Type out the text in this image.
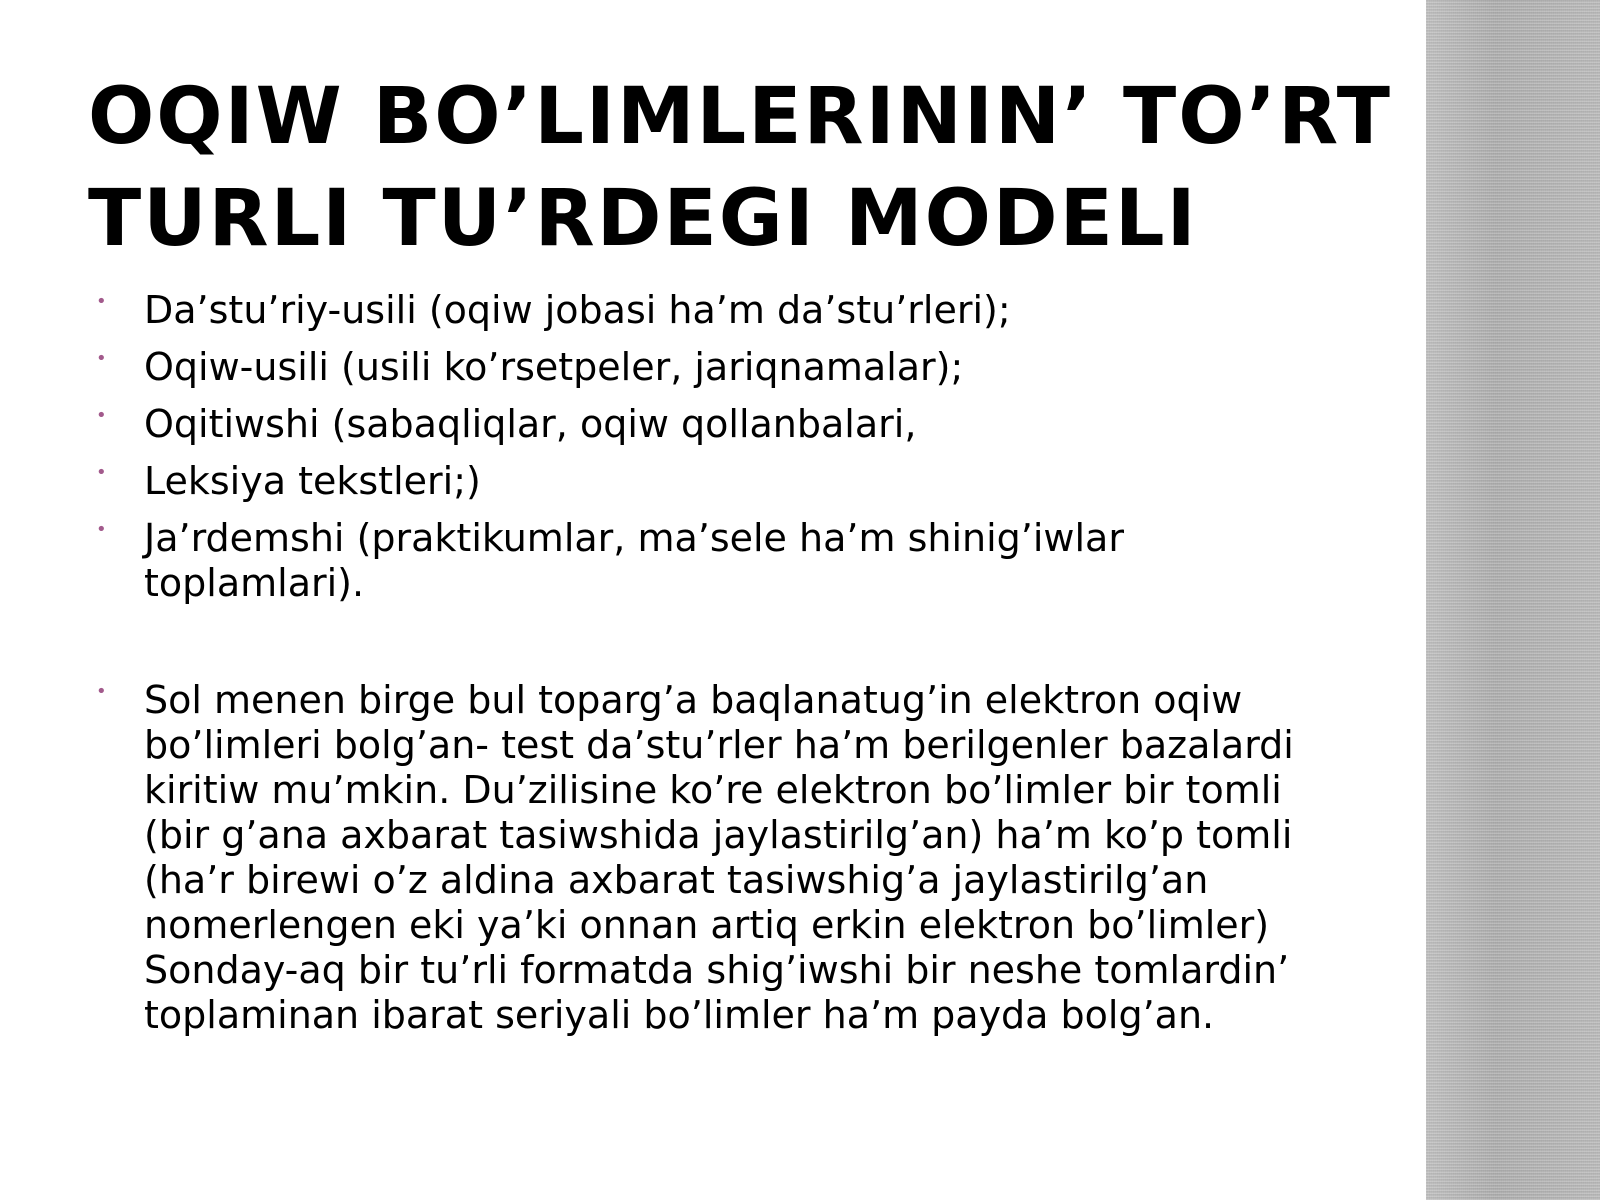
OQIW BO’LIMLERININ’ TO’RT
TURLI TU’RDEGI MODELI
• Da’stu’riy-usili (oqiw jobasi ha’m da’stu’rleri);
• Oqiw-usili (usili ko’rsetpeler, jariqnamalar);
• Oqitiwshi (sabaqliqlar, oqiw qollanbalari,
• Leksiya tekstleri;)
• Ja’rdemshi (praktikumlar, ma’sele ha’m shinig’iwlar
toplamlari).
• Sol menen birge bul toparg’a baqlanatug’in elektron oqiw
bo’limleri bolg’an- test da’stu’rler ha’m berilgenler bazalardi
kiritiw mu’mkin. Du’zilisine ko’re elektron bo’limler bir tomli
(bir g’ana axbarat tasiwshida jaylastirilg’an) ha’m ko’p tomli
(ha’r birewi o’z aldina axbarat tasiwshig’a jaylastirilg’an
nomerlengen eki ya’ki onnan artiq erkin elektron bo’limler)
Sonday-aq bir tu’rli formatda shig’iwshi bir neshe tomlardin’
toplaminan ibarat seriyali bo’limler ha’m payda bolg’an.
